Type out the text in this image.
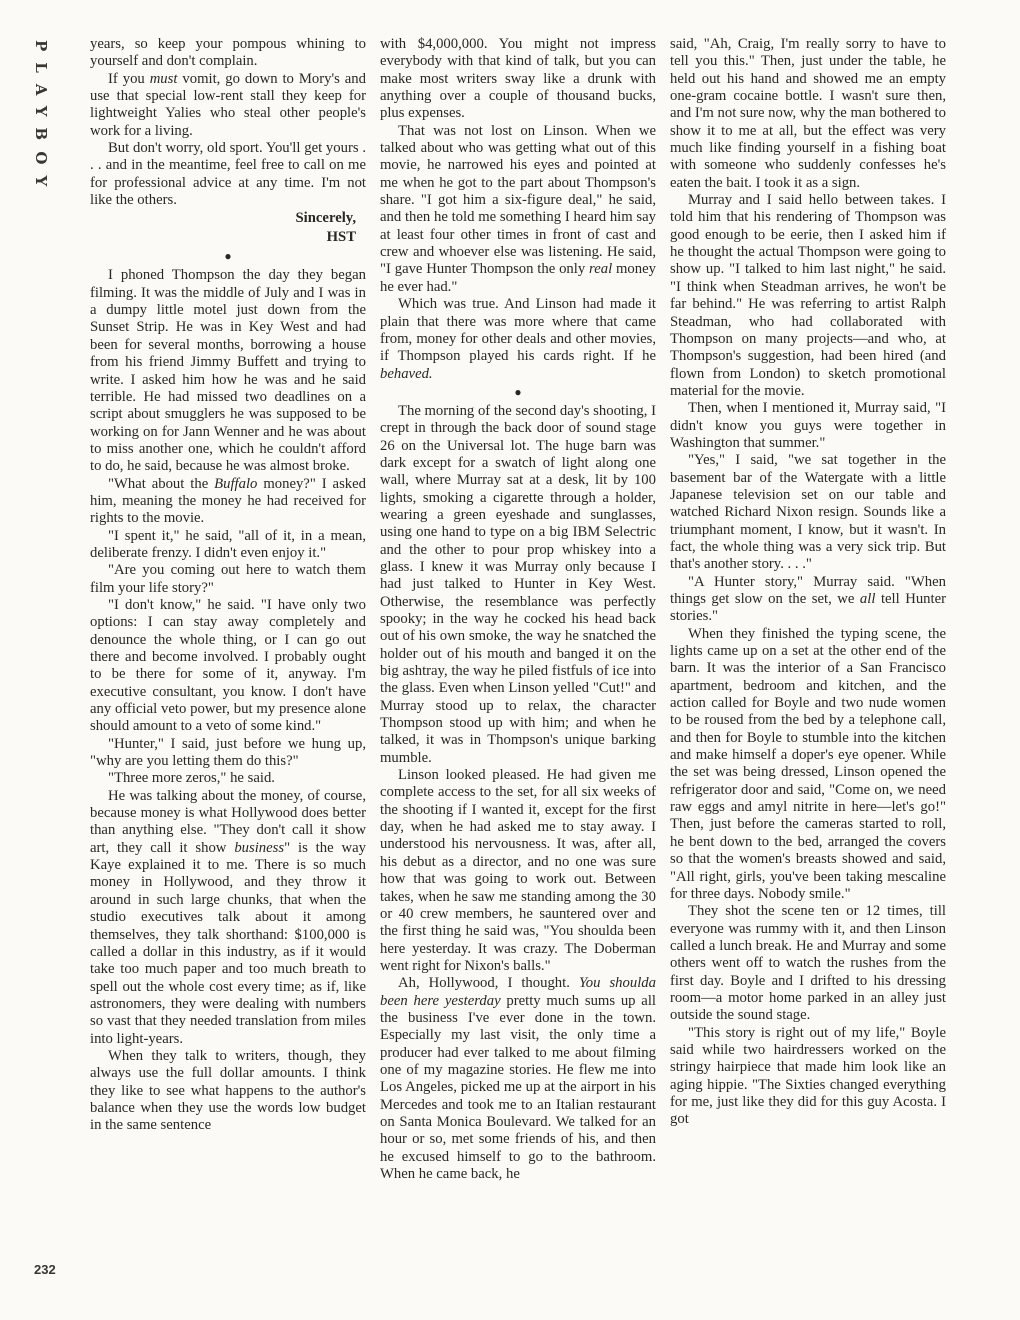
PLAYBOY	years, so keep your pompous whining to yourself and don't complain.

If you must vomit, go down to Mory's and use that special low-rent stall they keep for lightweight Yalies who steal other people's work for a living.

But don't worry, old sport. You'll get yours . . . and in the meantime, feel free to call on me for professional advice at any time. I'm not like the others.

Sincerely,

HST

●

I phoned Thompson the day they began filming. It was the middle of July and I was in a dumpy little motel just down from the Sunset Strip. He was in Key West and had been for several months, borrowing a house from his friend Jimmy Buffett and trying to write. I asked him how he was and he said terrible. He had missed two deadlines on a script about smugglers he was supposed to be working on for Jann Wenner and he was about to miss another one, which he couldn't afford to do, he said, because he was almost broke.

"What about the Buffalo money?" I asked him, meaning the money he had received for rights to the movie.

"I spent it," he said, "all of it, in a mean, deliberate frenzy. I didn't even enjoy it."

"Are you coming out here to watch them film your life story?"

"I don't know," he said. "I have only two options: I can stay away completely and denounce the whole thing, or I can go out there and become involved. I probably ought to be there for some of it, anyway. I'm executive consultant, you know. I don't have any official veto power, but my presence alone should amount to a veto of some kind."

"Hunter," I said, just before we hung up, "why are you letting them do this?"

"Three more zeros," he said.

He was talking about the money, of course, because money is what Hollywood does better than anything else. "They don't call it show art, they call it show business" is the way Kaye explained it to me. There is so much money in Hollywood, and they throw it around in such large chunks, that when the studio executives talk about it among themselves, they talk shorthand: $100,000 is called a dollar in this industry, as if it would take too much paper and too much breath to spell out the whole cost every time; as if, like astronomers, they were dealing with numbers so vast that they needed translation from miles into light-years.

When they talk to writers, though, they always use the full dollar amounts. I think they like to see what happens to the author's balance when they use the words low budget in the same sentence

with $4,000,000. You might not impress everybody with that kind of talk, but you can make most writers sway like a drunk with anything over a couple of thousand bucks, plus expenses.

That was not lost on Linson. When we talked about who was getting what out of this movie, he narrowed his eyes and pointed at me when he got to the part about Thompson's share. "I got him a six-figure deal," he said, and then he told me something I heard him say at least four other times in front of cast and crew and whoever else was listening. He said, "I gave Hunter Thompson the only real money he ever had."

Which was true. And Linson had made it plain that there was more where that came from, money for other deals and other movies, if Thompson played his cards right. If he behaved.

●

The morning of the second day's shooting, I crept in through the back door of sound stage 26 on the Universal lot. The huge barn was dark except for a swatch of light along one wall, where Murray sat at a desk, lit by 100 lights, smoking a cigarette through a holder, wearing a green eyeshade and sunglasses, using one hand to type on a big IBM Selectric and the other to pour prop whiskey into a glass. I knew it was Murray only because I had just talked to Hunter in Key West. Otherwise, the resemblance was perfectly spooky; in the way he cocked his head back out of his own smoke, the way he snatched the holder out of his mouth and banged it on the big ashtray, the way he piled fistfuls of ice into the glass. Even when Linson yelled "Cut!" and Murray stood up to relax, the character Thompson stood up with him; and when he talked, it was in Thompson's unique barking mumble.

Linson looked pleased. He had given me complete access to the set, for all six weeks of the shooting if I wanted it, except for the first day, when he had asked me to stay away. I understood his nervousness. It was, after all, his debut as a director, and no one was sure how that was going to work out. Between takes, when he saw me standing among the 30 or 40 crew members, he sauntered over and the first thing he said was, "You shoulda been here yesterday. It was crazy. The Doberman went right for Nixon's balls."

Ah, Hollywood, I thought. You shoulda been here yesterday pretty much sums up all the business I've ever done in the town. Especially my last visit, the only time a producer had ever talked to me about filming one of my magazine stories. He flew me into Los Angeles, picked me up at the airport in his Mercedes and took me to an Italian restaurant on Santa Monica Boulevard. We talked for an hour or so, met some friends of his, and then he excused himself to go to the bathroom. When he came back, he

said, "Ah, Craig, I'm really sorry to have to tell you this." Then, just under the table, he held out his hand and showed me an empty one-gram cocaine bottle. I wasn't sure then, and I'm not sure now, why the man bothered to show it to me at all, but the effect was very much like finding yourself in a fishing boat with someone who suddenly confesses he's eaten the bait. I took it as a sign.

Murray and I said hello between takes. I told him that his rendering of Thompson was good enough to be eerie, then I asked him if he thought the actual Thompson were going to show up. "I talked to him last night," he said. "I think when Steadman arrives, he won't be far behind." He was referring to artist Ralph Steadman, who had collaborated with Thompson on many projects—and who, at Thompson's suggestion, had been hired (and flown from London) to sketch promotional material for the movie.

Then, when I mentioned it, Murray said, "I didn't know you guys were together in Washington that summer."

"Yes," I said, "we sat together in the basement bar of the Watergate with a little Japanese television set on our table and watched Richard Nixon resign. Sounds like a triumphant moment, I know, but it wasn't. In fact, the whole thing was a very sick trip. But that's another story. . . ."

"A Hunter story," Murray said. "When things get slow on the set, we all tell Hunter stories."

When they finished the typing scene, the lights came up on a set at the other end of the barn. It was the interior of a San Francisco apartment, bedroom and kitchen, and the action called for Boyle and two nude women to be roused from the bed by a telephone call, and then for Boyle to stumble into the kitchen and make himself a doper's eye opener. While the set was being dressed, Linson opened the refrigerator door and said, "Come on, we need raw eggs and amyl nitrite in here—let's go!" Then, just before the cameras started to roll, he bent down to the bed, arranged the covers so that the women's breasts showed and said, "All right, girls, you've been taking mescaline for three days. Nobody smile."

They shot the scene ten or 12 times, till everyone was rummy with it, and then Linson called a lunch break. He and Murray and some others went off to watch the rushes from the first day. Boyle and I drifted to his dressing room—a motor home parked in an alley just outside the sound stage.

"This story is right out of my life," Boyle said while two hairdressers worked on the stringy hairpiece that made him look like an aging hippie. "The Sixties changed everything for me, just like they did for this guy Acosta. I got

232
